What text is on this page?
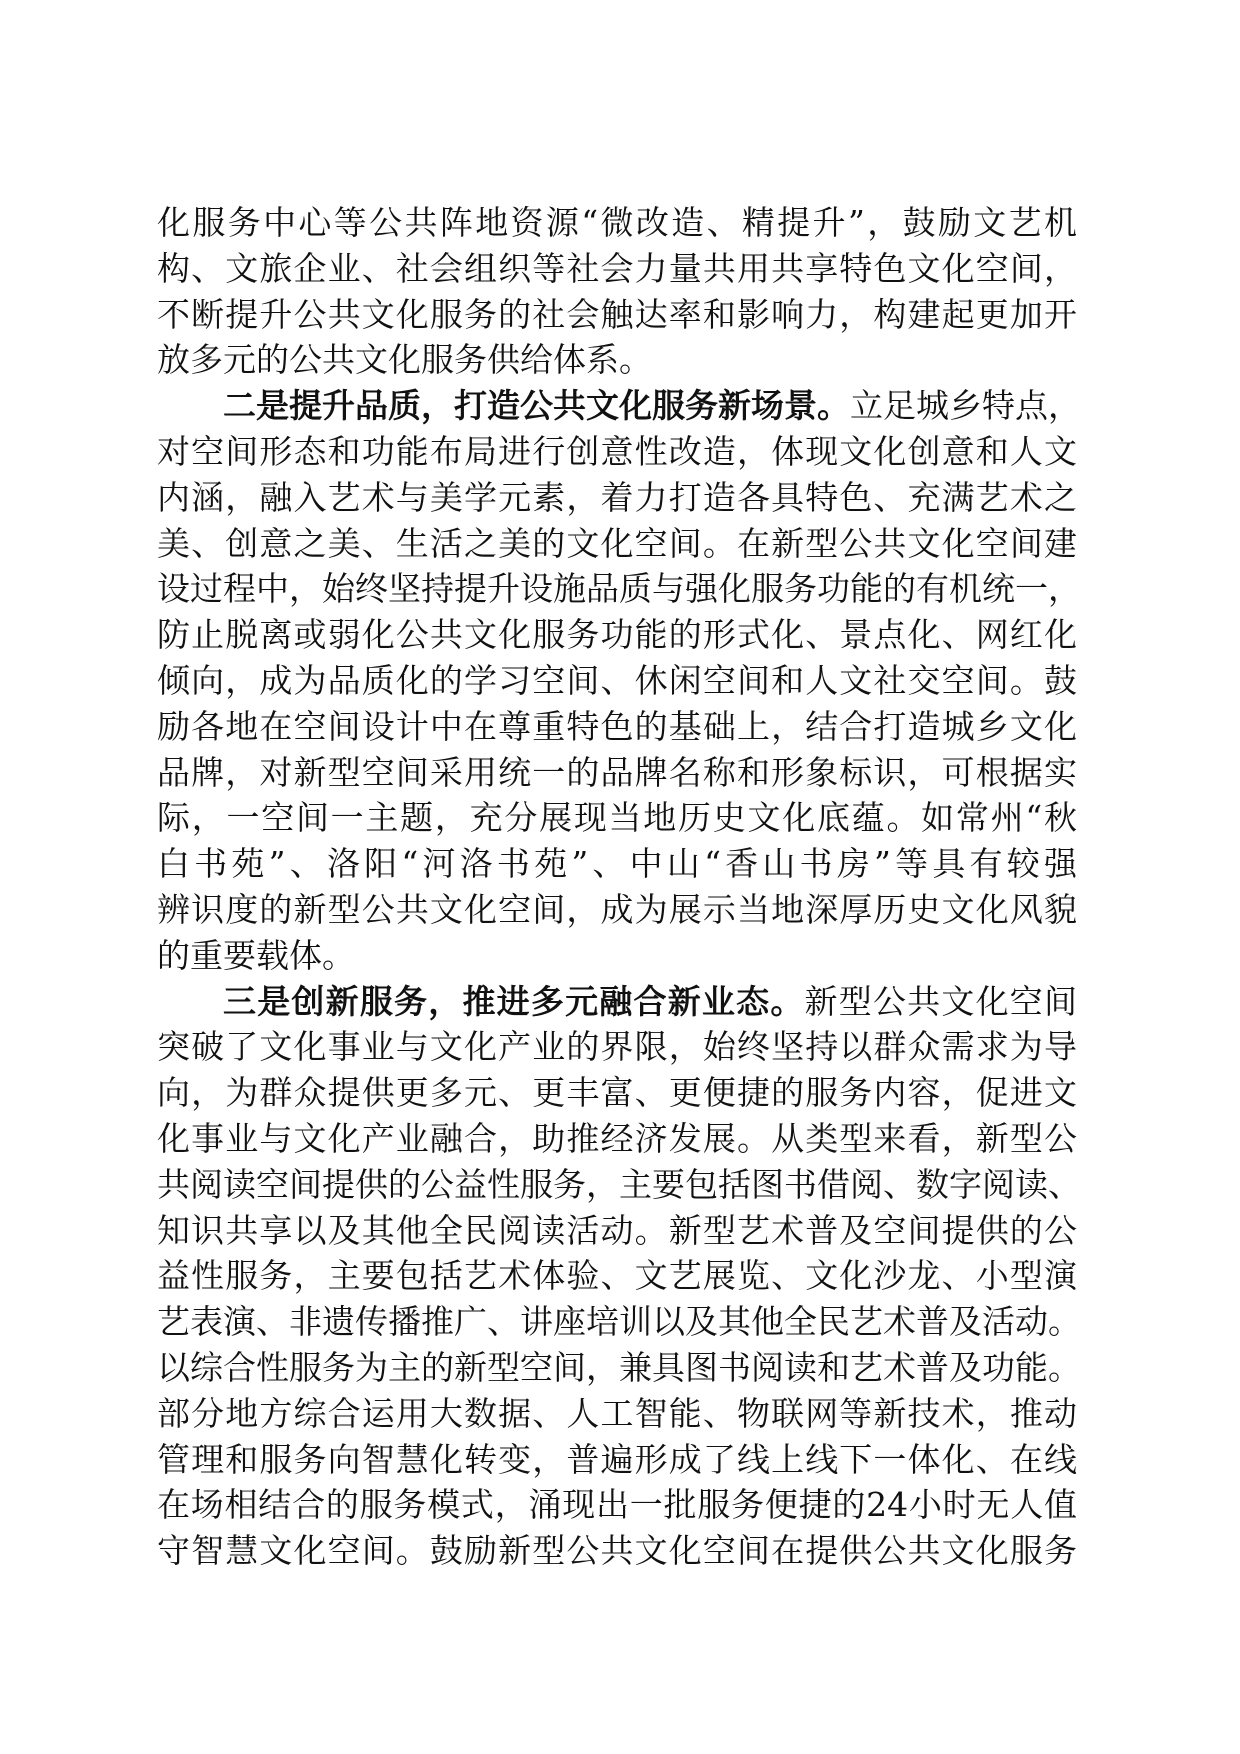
化服务中心等公共阵地资源“微改造、精提升”，鼓励文艺机
构、文旅企业、社会组织等社会力量共用共享特色文化空间，
不断提升公共文化服务的社会触达率和影响力，构建起更加开
放多元的公共文化服务供给体系。
二是提升品质，打造公共文化服务新场景。立足城乡特点，
对空间形态和功能布局进行创意性改造，体现文化创意和人文
内涵，融入艺术与美学元素，着力打造各具特色、充满艺术之
美、创意之美、生活之美的文化空间。在新型公共文化空间建
设过程中，始终坚持提升设施品质与强化服务功能的有机统一，
防止脱离或弱化公共文化服务功能的形式化、景点化、网红化
倾向，成为品质化的学习空间、休闲空间和人文社交空间。鼓
励各地在空间设计中在尊重特色的基础上，结合打造城乡文化
品牌，对新型空间采用统一的品牌名称和形象标识，可根据实
际，一空间一主题，充分展现当地历史文化底蕴。如常州“秋
白书苑”、洛阳“河洛书苑”、中山“香山书房”等具有较强
辨识度的新型公共文化空间，成为展示当地深厚历史文化风貌
的重要载体。
三是创新服务，推进多元融合新业态。新型公共文化空间
突破了文化事业与文化产业的界限，始终坚持以群众需求为导
向，为群众提供更多元、更丰富、更便捷的服务内容，促进文
化事业与文化产业融合，助推经济发展。从类型来看，新型公
共阅读空间提供的公益性服务，主要包括图书借阅、数字阅读、
知识共享以及其他全民阅读活动。新型艺术普及空间提供的公
益性服务，主要包括艺术体验、文艺展览、文化沙龙、小型演
艺表演、非遗传播推广、讲座培训以及其他全民艺术普及活动。
以综合性服务为主的新型空间，兼具图书阅读和艺术普及功能。
部分地方综合运用大数据、人工智能、物联网等新技术，推动
管理和服务向智慧化转变，普遍形成了线上线下一体化、在线
在场相结合的服务模式，涌现出一批服务便捷的24小时无人值
守智慧文化空间。鼓励新型公共文化空间在提供公共文化服务
